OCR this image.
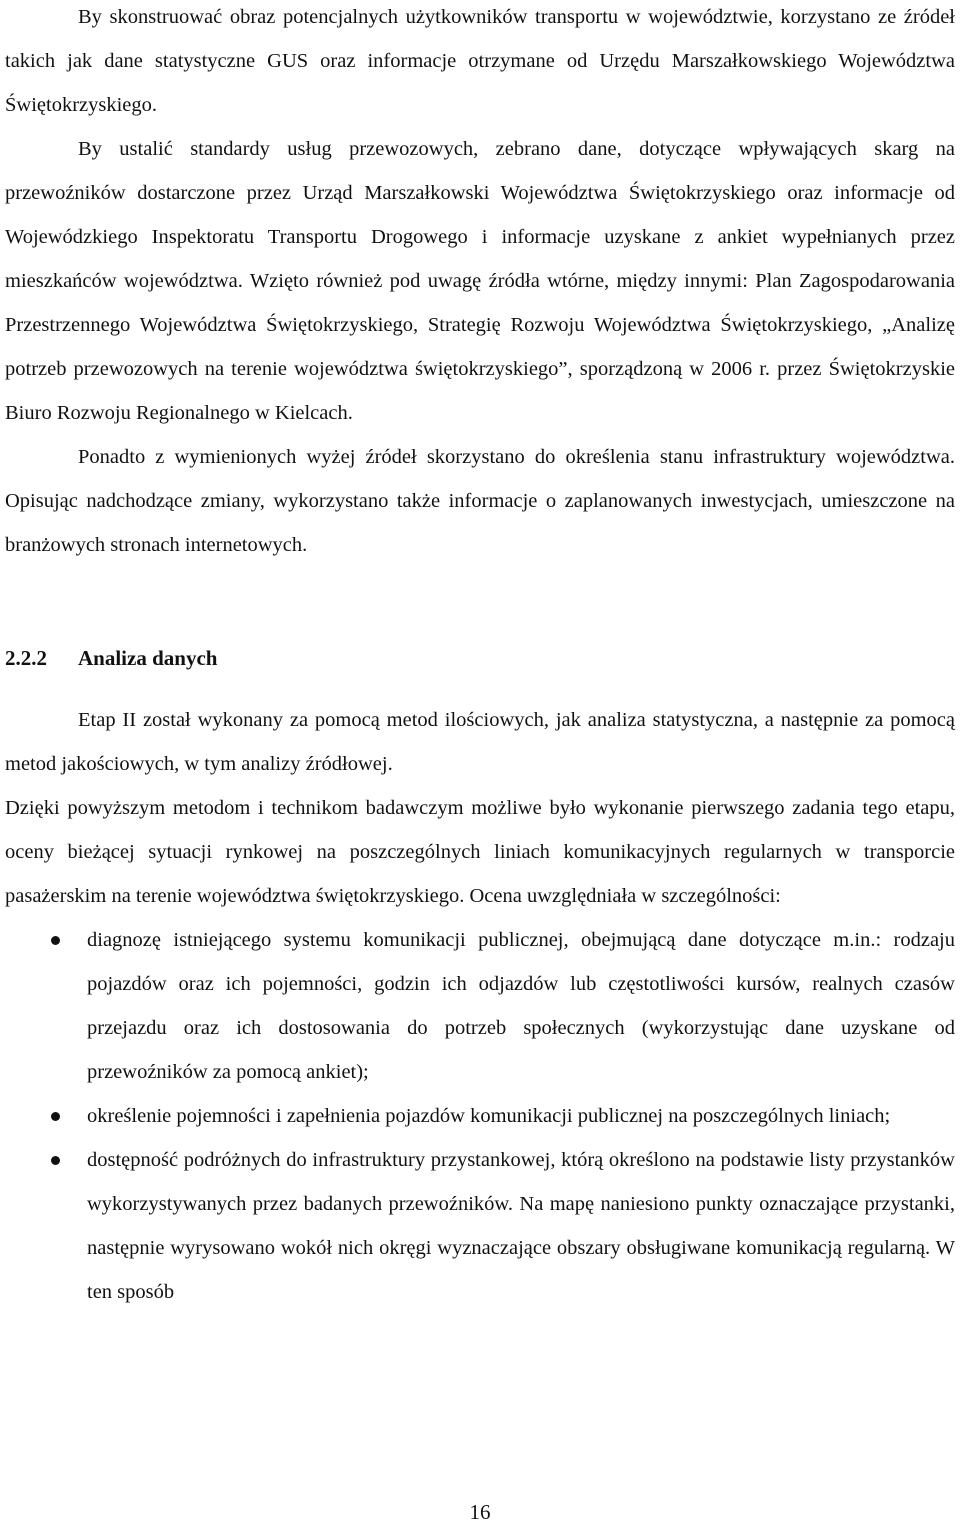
By skonstruować obraz potencjalnych użytkowników transportu w województwie, korzystano ze źródeł takich jak dane statystyczne GUS oraz informacje otrzymane od Urzędu Marszałkowskiego Województwa Świętokrzyskiego.

By ustalić standardy usług przewozowych, zebrano dane, dotyczące wpływających skarg na przewoźników dostarczone przez Urząd Marszałkowski Województwa Świętokrzyskiego oraz informacje od Wojewódzkiego Inspektoratu Transportu Drogowego i informacje uzyskane z ankiet wypełnianych przez mieszkańców województwa. Wzięto również pod uwagę źródła wtórne, między innymi: Plan Zagospodarowania Przestrzennego Województwa Świętokrzyskiego, Strategię Rozwoju Województwa Świętokrzyskiego, „Analizę potrzeb przewozowych na terenie województwa świętokrzyskiego”, sporządzoną w 2006 r. przez Świętokrzyskie Biuro Rozwoju Regionalnego w Kielcach.

Ponadto z wymienionych wyżej źródeł skorzystano do określenia stanu infrastruktury województwa. Opisując nadchodzące zmiany, wykorzystano także informacje o zaplanowanych inwestycjach, umieszczone na branżowych stronach internetowych.

2.2.2 Analiza danych

Etap II został wykonany za pomocą metod ilościowych, jak analiza statystyczna, a następnie za pomocą metod jakościowych, w tym analizy źródłowej.

Dzięki powyższym metodom i technikom badawczym możliwe było wykonanie pierwszego zadania tego etapu, oceny bieżącej sytuacji rynkowej na poszczególnych liniach komunikacyjnych regularnych w transporcie pasażerskim na terenie województwa świętokrzyskiego. Ocena uwzględniała w szczególności:

diagnozę istniejącego systemu komunikacji publicznej, obejmującą dane dotyczące m.in.: rodzaju pojazdów oraz ich pojemności, godzin ich odjazdów lub częstotliwości kursów, realnych czasów przejazdu oraz ich dostosowania do potrzeb społecznych (wykorzystując dane uzyskane od przewoźników za pomocą ankiet);
określenie pojemności i zapełnienia pojazdów komunikacji publicznej na poszczególnych liniach;
dostępność podróżnych do infrastruktury przystankowej, którą określono na podstawie listy przystanków wykorzystywanych przez badanych przewoźników. Na mapę naniesiono punkty oznaczające przystanki, następnie wyrysowano wokół nich okręgi wyznaczające obszary obsługiwane komunikacją regularną. W ten sposób
16
